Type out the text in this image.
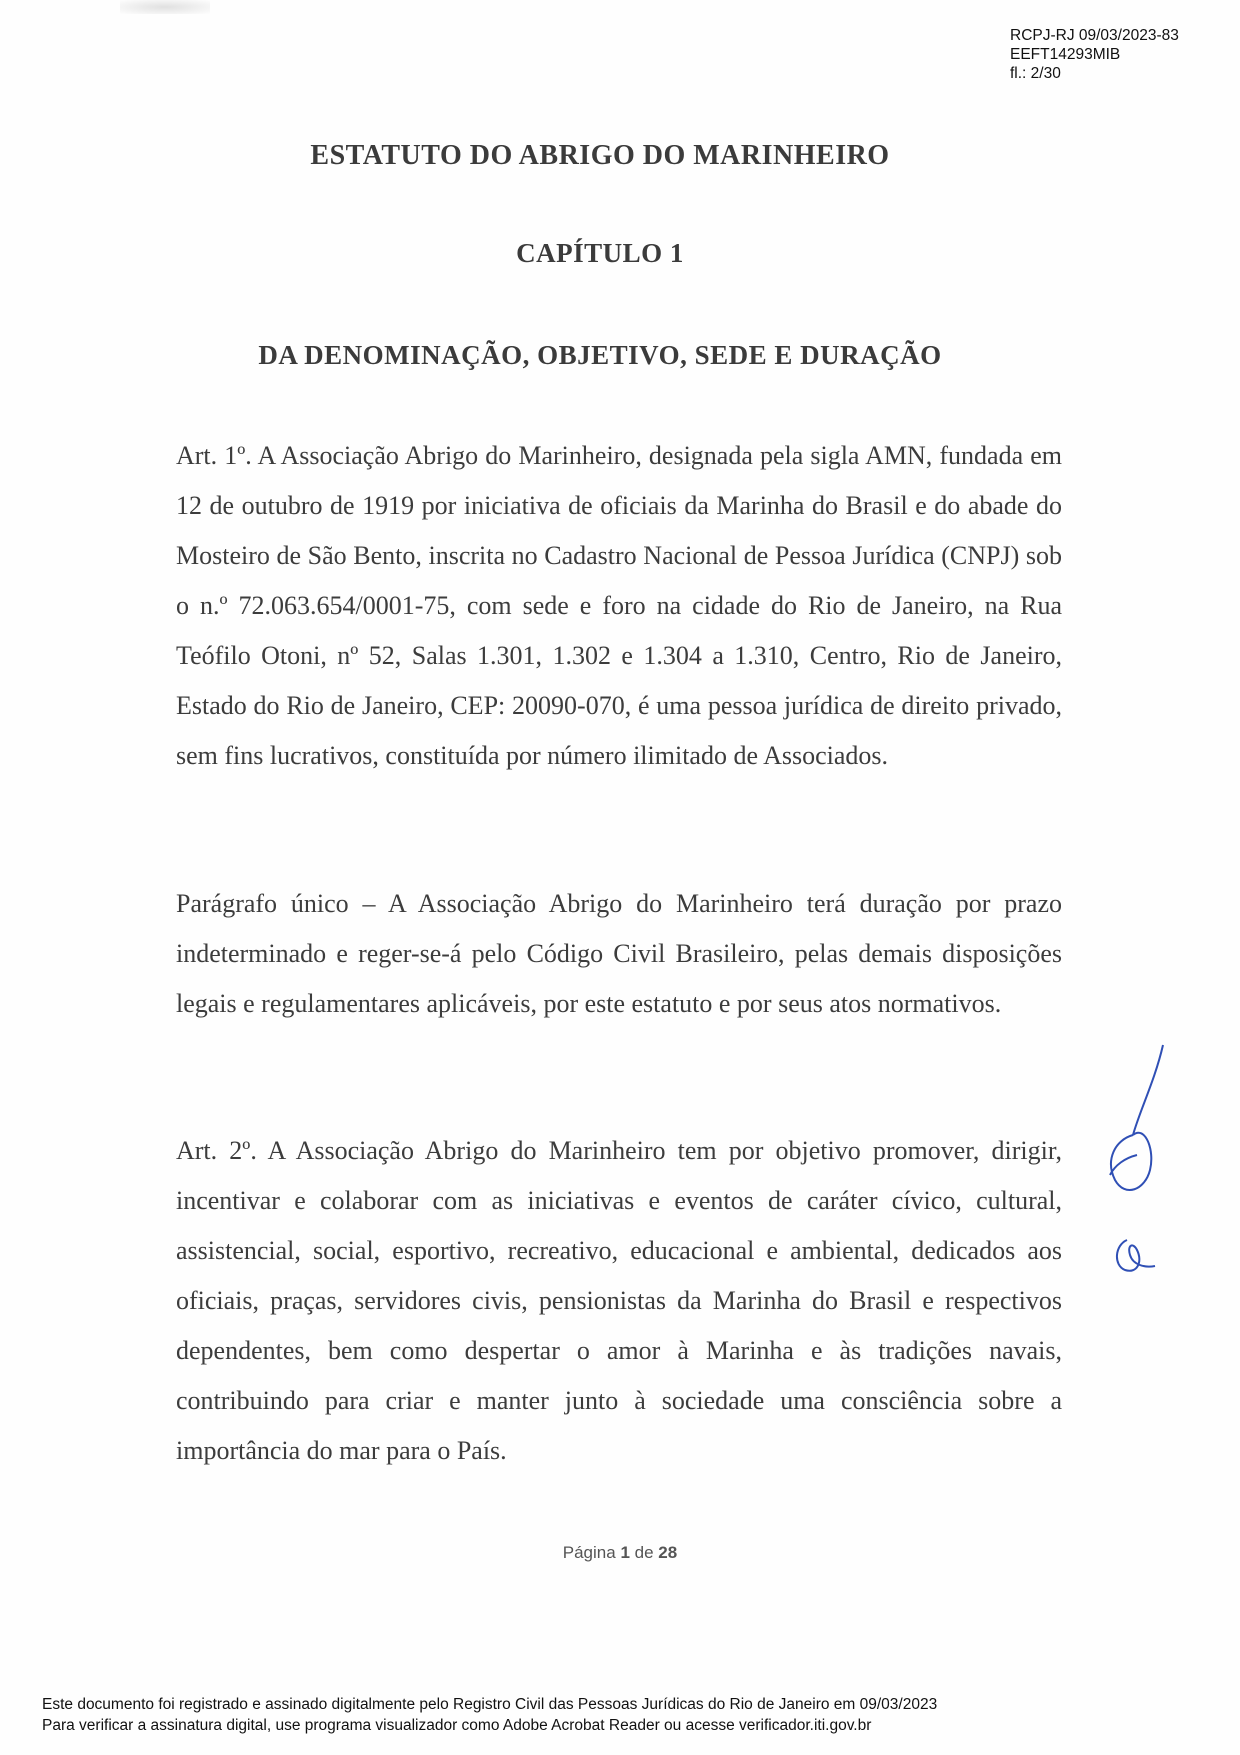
RCPJ-RJ 09/03/2023-83
EEFT14293MIB
fl.: 2/30
ESTATUTO DO ABRIGO DO MARINHEIRO
CAPÍTULO 1
DA DENOMINAÇÃO, OBJETIVO, SEDE E DURAÇÃO
Art. 1º. A Associação Abrigo do Marinheiro, designada pela sigla AMN, fundada em 12 de outubro de 1919 por iniciativa de oficiais da Marinha do Brasil e do abade do Mosteiro de São Bento, inscrita no Cadastro Nacional de Pessoa Jurídica (CNPJ) sob o n.º 72.063.654/0001-75, com sede e foro na cidade do Rio de Janeiro, na Rua Teófilo Otoni, nº 52, Salas 1.301, 1.302 e 1.304 a 1.310, Centro, Rio de Janeiro, Estado do Rio de Janeiro, CEP: 20090-070, é uma pessoa jurídica de direito privado, sem fins lucrativos, constituída por número ilimitado de Associados.
Parágrafo único – A Associação Abrigo do Marinheiro terá duração por prazo indeterminado e reger-se-á pelo Código Civil Brasileiro, pelas demais disposições legais e regulamentares aplicáveis, por este estatuto e por seus atos normativos.
Art. 2º. A Associação Abrigo do Marinheiro tem por objetivo promover, dirigir, incentivar e colaborar com as iniciativas e eventos de caráter cívico, cultural, assistencial, social, esportivo, recreativo, educacional e ambiental, dedicados aos oficiais, praças, servidores civis, pensionistas da Marinha do Brasil e respectivos dependentes, bem como despertar o amor à Marinha e às tradições navais, contribuindo para criar e manter junto à sociedade uma consciência sobre a importância do mar para o País.
Página 1 de 28
Este documento foi registrado e assinado digitalmente pelo Registro Civil das Pessoas Jurídicas do Rio de Janeiro em 09/03/2023
Para verificar a assinatura digital, use programa visualizador como Adobe Acrobat Reader ou acesse verificador.iti.gov.br
